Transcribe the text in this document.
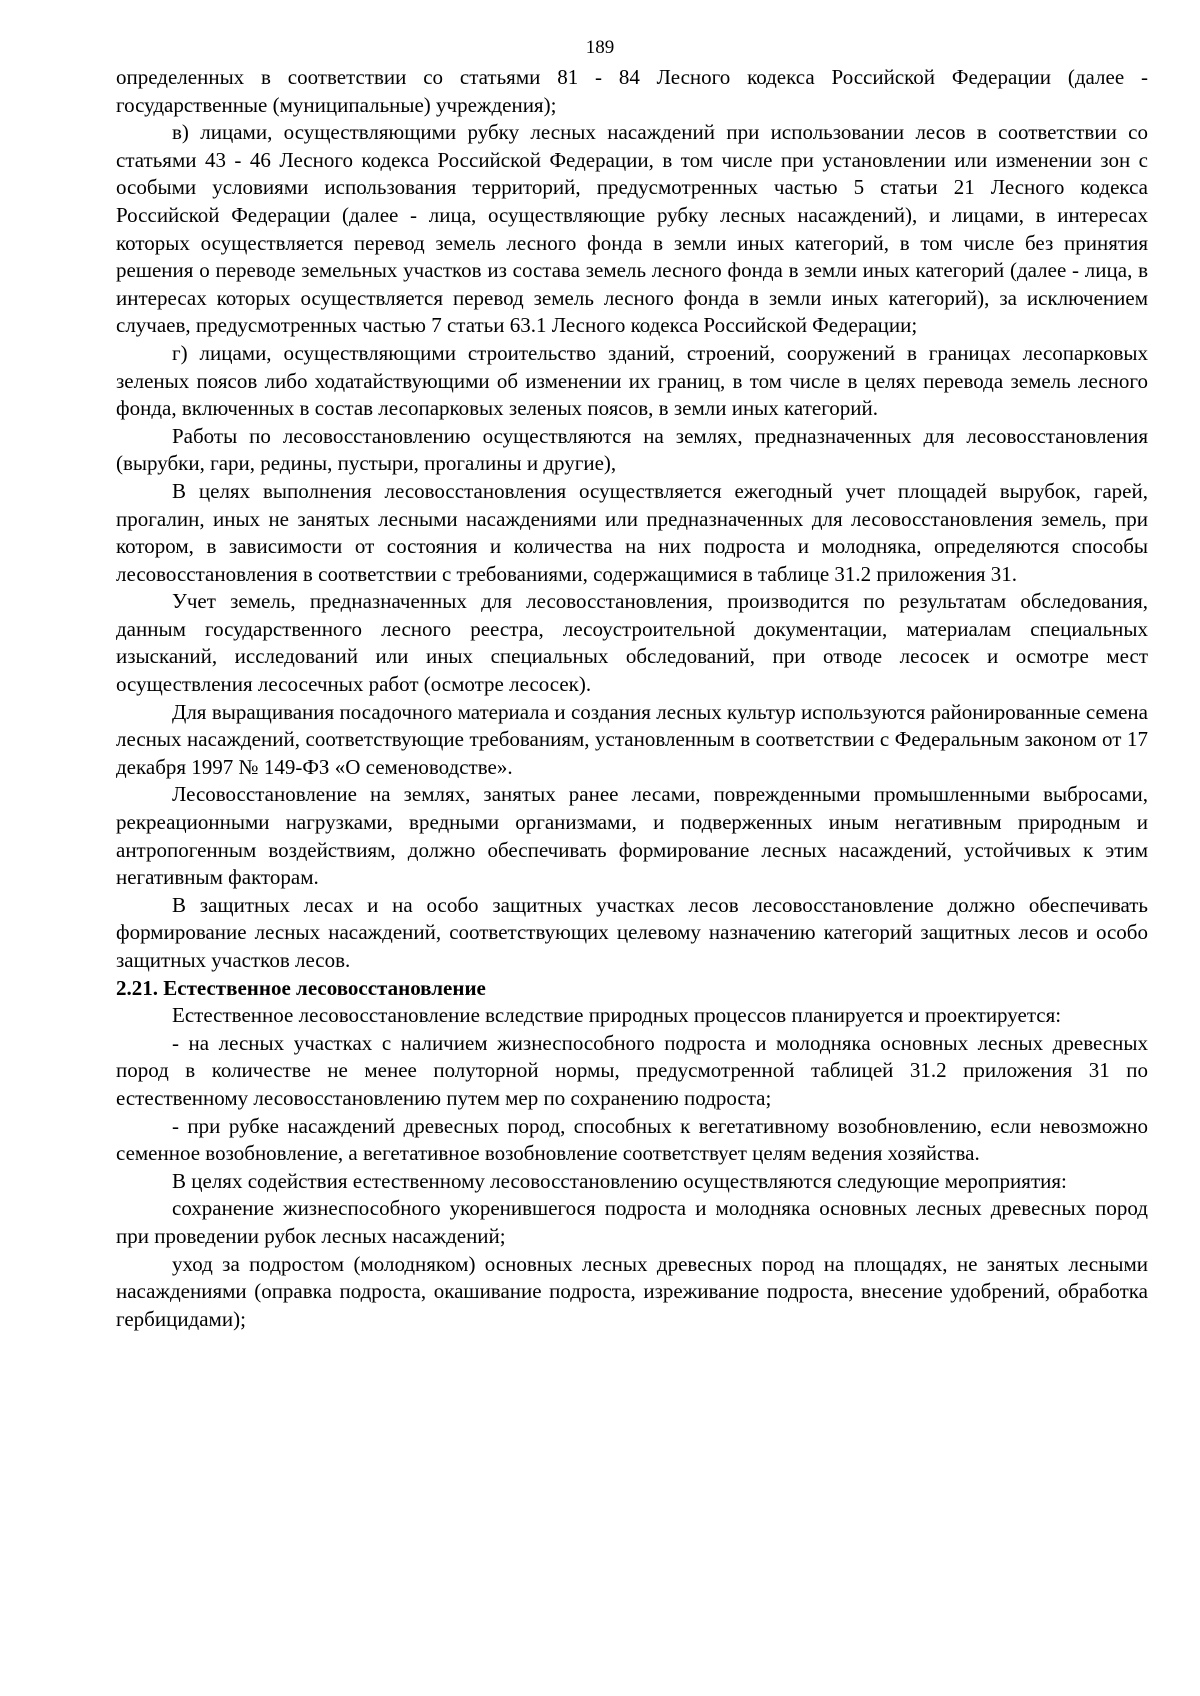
189

определенных в соответствии со статьями 81 - 84 Лесного кодекса Российской Федерации (далее - государственные (муниципальные) учреждения);

в) лицами, осуществляющими рубку лесных насаждений при использовании лесов в соответствии со статьями 43 - 46 Лесного кодекса Российской Федерации, в том числе при установлении или изменении зон с особыми условиями использования территорий, предусмотренных частью 5 статьи 21 Лесного кодекса Российской Федерации (далее - лица, осуществляющие рубку лесных насаждений), и лицами, в интересах которых осуществляется перевод земель лесного фонда в земли иных категорий, в том числе без принятия решения о переводе земельных участков из состава земель лесного фонда в земли иных категорий (далее - лица, в интересах которых осуществляется перевод земель лесного фонда в земли иных категорий), за исключением случаев, предусмотренных частью 7 статьи 63.1 Лесного кодекса Российской Федерации;

г) лицами, осуществляющими строительство зданий, строений, сооружений в границах лесопарковых зеленых поясов либо ходатайствующими об изменении их границ, в том числе в целях перевода земель лесного фонда, включенных в состав лесопарковых зеленых поясов, в земли иных категорий.

Работы по лесовосстановлению осуществляются на землях, предназначенных для лесовосстановления (вырубки, гари, редины, пустыри, прогалины и другие),

В целях выполнения лесовосстановления осуществляется ежегодный учет площадей вырубок, гарей, прогалин, иных не занятых лесными насаждениями или предназначенных для лесовосстановления земель, при котором, в зависимости от состояния и количества на них подроста и молодняка, определяются способы лесовосстановления в соответствии с требованиями, содержащимися в таблице 31.2 приложения 31.

Учет земель, предназначенных для лесовосстановления, производится по результатам обследования, данным государственного лесного реестра, лесоустроительной документации, материалам специальных изысканий, исследований или иных специальных обследований, при отводе лесосек и осмотре мест осуществления лесосечных работ (осмотре лесосек).

Для выращивания посадочного материала и создания лесных культур используются районированные семена лесных насаждений, соответствующие требованиям, установленным в соответствии с Федеральным законом от 17 декабря 1997 № 149-ФЗ «О семеноводстве».

Лесовосстановление на землях, занятых ранее лесами, поврежденными промышленными выбросами, рекреационными нагрузками, вредными организмами, и подверженных иным негативным природным и антропогенным воздействиям, должно обеспечивать формирование лесных насаждений, устойчивых к этим негативным факторам.

В защитных лесах и на особо защитных участках лесов лесовосстановление должно обеспечивать формирование лесных насаждений, соответствующих целевому назначению категорий защитных лесов и особо защитных участков лесов.

2.21. Естественное лесовосстановление

Естественное лесовосстановление вследствие природных процессов планируется и проектируется:

- на лесных участках с наличием жизнеспособного подроста и молодняка основных лесных древесных пород в количестве не менее полуторной нормы, предусмотренной таблицей 31.2 приложения 31 по естественному лесовосстановлению путем мер по сохранению подроста;

- при рубке насаждений древесных пород, способных к вегетативному возобновлению, если невозможно семенное возобновление, а вегетативное возобновление соответствует целям ведения хозяйства.

В целях содействия естественному лесовосстановлению осуществляются следующие мероприятия:

сохранение жизнеспособного укоренившегося подроста и молодняка основных лесных древесных пород при проведении рубок лесных насаждений;

уход за подростом (молодняком) основных лесных древесных пород на площадях, не занятых лесными насаждениями (оправка подроста, окашивание подроста, изреживание подроста, внесение удобрений, обработка гербицидами);
